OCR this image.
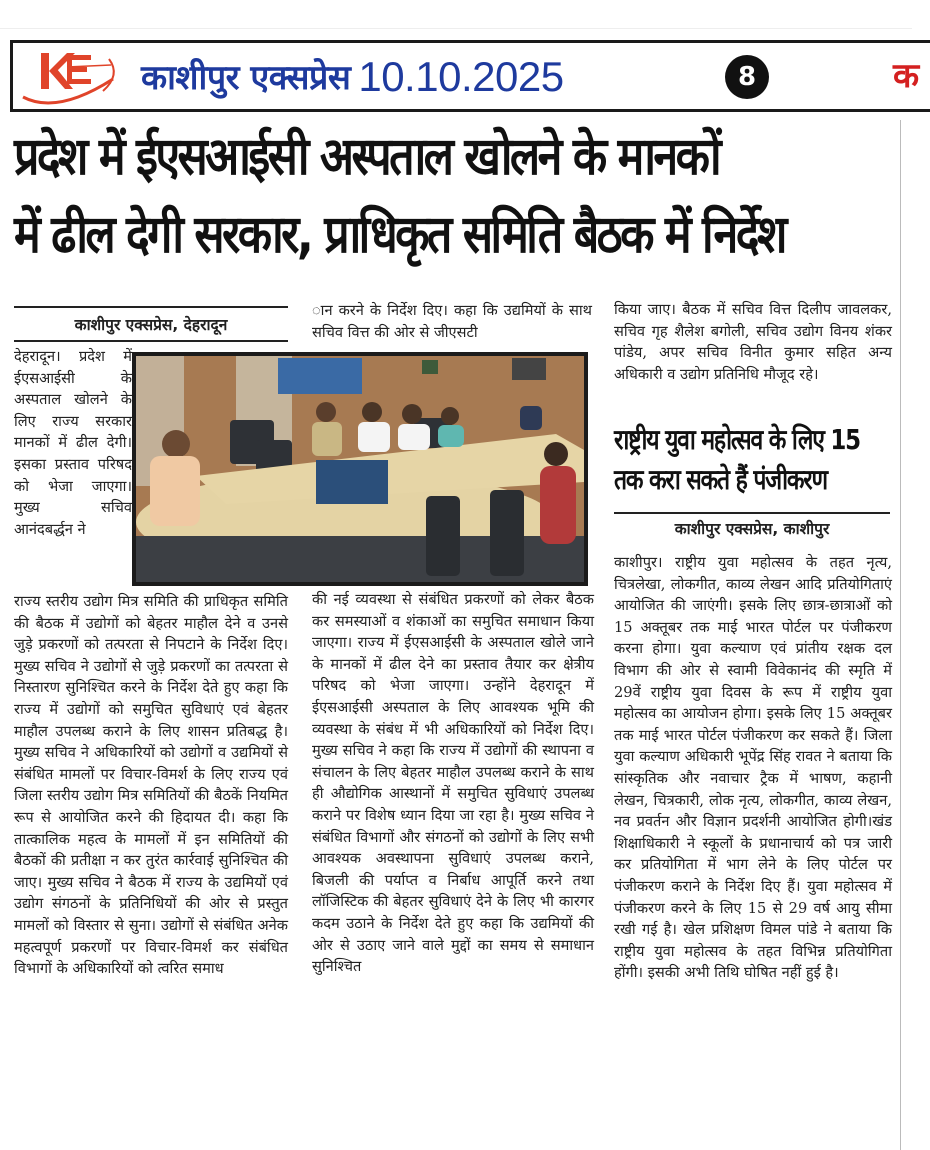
काशीपुर एक्सप्रेस 10.10.2025	8	क
प्रदेश में ईएसआईसी अस्पताल खोलने के मानकों
में ढील देगी सरकार, प्राधिकृत समिति बैठक में निर्देश
काशीपुर एक्सप्रेस, देहरादून

देहरादून। प्रदेश में ईएसआईसी के अस्पताल खोलने के लिए राज्य सरकार मानकों में ढील देगी। इसका प्रस्ताव परिषद को भेजा जाएगा। मुख्य सचिव आनंदबर्द्धन ने

ान करने के निर्देश दिए। कहा कि उद्यमियों के साथ सचिव वित्त की ओर से जीएसटी

राज्य स्तरीय उद्योग मित्र समिति की प्राधिकृत समिति की बैठक में उद्योगों को बेहतर माहौल देने व उनसे जुड़े प्रकरणों को तत्परता से निपटाने के निर्देश दिए। मुख्य सचिव ने उद्योगों से जुड़े प्रकरणों का तत्परता से निस्तारण सुनिश्चित करने के निर्देश देते हुए कहा कि राज्य में उद्योगों को समुचित सुविधाएं एवं बेहतर माहौल उपलब्ध कराने के लिए शासन प्रतिबद्ध है। मुख्य सचिव ने अधिकारियों को उद्योगों व उद्यमियों से संबंधित मामलों पर विचार-विमर्श के लिए राज्य एवं जिला स्तरीय उद्योग मित्र समितियों की बैठकें नियमित रूप से आयोजित करने की हिदायत दी। कहा कि तात्कालिक महत्व के मामलों में इन समितियों की बैठकों की प्रतीक्षा न कर तुरंत कार्रवाई सुनिश्चित की जाए। मुख्य सचिव ने बैठक में राज्य के उद्यमियों एवं उद्योग संगठनों के प्रतिनिधियों की ओर से प्रस्तुत मामलों को विस्तार से सुना। उद्योगों से संबंधित अनेक महत्वपूर्ण प्रकरणों पर विचार-विमर्श कर संबंधित विभागों के अधिकारियों को त्वरित समाध

की नई व्यवस्था से संबंधित प्रकरणों को लेकर बैठक कर समस्याओं व शंकाओं का समुचित समाधान किया जाएगा। राज्य में ईएसआईसी के अस्पताल खोले जाने के मानकों में ढील देने का प्रस्ताव तैयार कर क्षेत्रीय परिषद को भेजा जाएगा। उन्होंने देहरादून में ईएसआईसी अस्पताल के लिए आवश्यक भूमि की व्यवस्था के संबंध में भी अधिकारियों को निर्देश दिए। मुख्य सचिव ने कहा कि राज्य में उद्योगों की स्थापना व संचालन के लिए बेहतर माहौल उपलब्ध कराने के साथ ही औद्योगिक आस्थानों में समुचित सुविधाएं उपलब्ध कराने पर विशेष ध्यान दिया जा रहा है। मुख्य सचिव ने संबंधित विभागों और संगठनों को उद्योगों के लिए सभी आवश्यक अवस्थापना सुविधाएं उपलब्ध कराने, बिजली की पर्याप्त व निर्बाध आपूर्ति करने तथा लॉजिस्टिक की बेहतर सुविधाएं देने के लिए भी कारगर कदम उठाने के निर्देश देते हुए कहा कि उद्यमियों की ओर से उठाए जाने वाले मुद्दों का समय से समाधान सुनिश्चित

किया जाए। बैठक में सचिव वित्त दिलीप जावलकर, सचिव गृह शैलेश बगोली, सचिव उद्योग विनय शंकर पांडेय, अपर सचिव विनीत कुमार सहित अन्य अधिकारी व उद्योग प्रतिनिधि मौजूद रहे।

राष्ट्रीय युवा महोत्सव के लिए 15
तक करा सकते हैं पंजीकरण
काशीपुर एक्सप्रेस, काशीपुर

काशीपुर। राष्ट्रीय युवा महोत्सव के तहत नृत्य, चित्रलेखा, लोकगीत, काव्य लेखन आदि प्रतियोगिताएं आयोजित की जाएंगी। इसके लिए छात्र-छात्राओं को 15 अक्तूबर तक माई भारत पोर्टल पर पंजीकरण करना होगा। युवा कल्याण एवं प्रांतीय रक्षक दल विभाग की ओर से स्वामी विवेकानंद की स्मृति में 29वें राष्ट्रीय युवा दिवस के रूप में राष्ट्रीय युवा महोत्सव का आयोजन होगा। इसके लिए 15 अक्तूबर तक माई भारत पोर्टल पंजीकरण कर सकते हैं। जिला युवा कल्याण अधिकारी भूपेंद्र सिंह रावत ने बताया कि सांस्कृतिक और नवाचार ट्रैक में भाषण, कहानी लेखन, चित्रकारी, लोक नृत्य, लोकगीत, काव्य लेखन, नव प्रवर्तन और विज्ञान प्रदर्शनी आयोजित होगी।खंड शिक्षाधिकारी ने स्कूलों के प्रधानाचार्य को पत्र जारी कर प्रतियोगिता में भाग लेने के लिए पोर्टल पर पंजीकरण कराने के निर्देश दिए हैं। युवा महोत्सव में पंजीकरण करने के लिए 15 से 29 वर्ष आयु सीमा रखी गई है। खेल प्रशिक्षण विमल पांडे ने बताया कि राष्ट्रीय युवा महोत्सव के तहत विभिन्न प्रतियोगिता होंगी। इसकी अभी तिथि घोषित नहीं हुई है।
